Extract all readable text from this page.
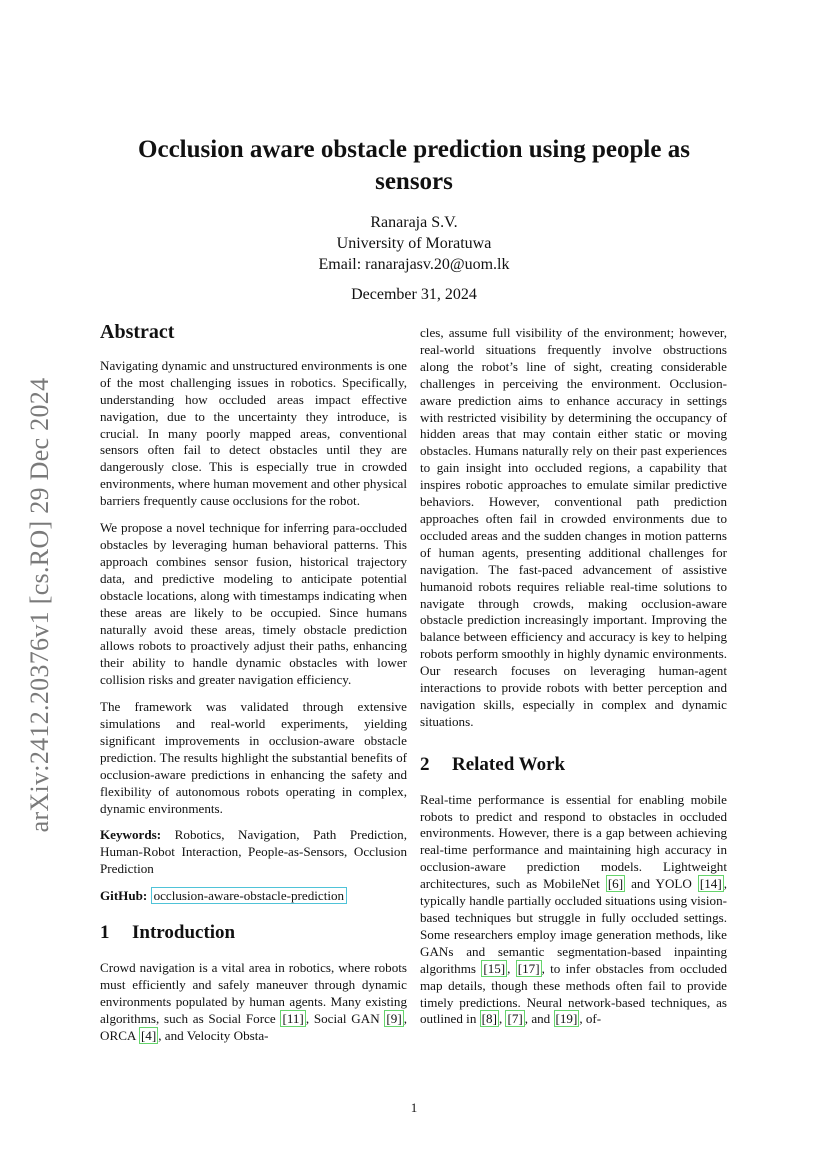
arXiv:2412.20376v1 [cs.RO] 29 Dec 2024
Occlusion aware obstacle prediction using people as sensors
Ranaraja S.V.
University of Moratuwa
Email: ranarajasv.20@uom.lk
December 31, 2024
Abstract

Navigating dynamic and unstructured environments is one of the most challenging issues in robotics. Specifically, understanding how occluded areas impact effective navigation, due to the uncertainty they introduce, is crucial. In many poorly mapped areas, conventional sensors often fail to detect obstacles until they are dangerously close. This is especially true in crowded environments, where human movement and other physical barriers frequently cause occlusions for the robot.

We propose a novel technique for inferring para-occluded obstacles by leveraging human behavioral patterns. This approach combines sensor fusion, historical trajectory data, and predictive modeling to anticipate potential obstacle locations, along with timestamps indicating when these areas are likely to be occupied. Since humans naturally avoid these areas, timely obstacle prediction allows robots to proactively adjust their paths, enhancing their ability to handle dynamic obstacles with lower collision risks and greater navigation efficiency.

The framework was validated through extensive simulations and real-world experiments, yielding significant improvements in occlusion-aware obstacle prediction. The results highlight the substantial benefits of occlusion-aware predictions in enhancing the safety and flexibility of autonomous robots operating in complex, dynamic environments.

Keywords: Robotics, Navigation, Path Prediction, Human-Robot Interaction, People-as-Sensors, Occlusion Prediction

GitHub: occlusion-aware-obstacle-prediction

1 Introduction

Crowd navigation is a vital area in robotics, where robots must efficiently and safely maneuver through dynamic environments populated by human agents. Many existing algorithms, such as Social Force [11] , Social GAN [9] , ORCA [4] , and Velocity Obsta-

cles, assume full visibility of the environment; however, real-world situations frequently involve obstructions along the robot’s line of sight, creating considerable challenges in perceiving the environment. Occlusion-aware prediction aims to enhance accuracy in settings with restricted visibility by determining the occupancy of hidden areas that may contain either static or moving obstacles. Humans naturally rely on their past experiences to gain insight into occluded regions, a capability that inspires robotic approaches to emulate similar predictive behaviors. However, conventional path prediction approaches often fail in crowded environments due to occluded areas and the sudden changes in motion patterns of human agents, presenting additional challenges for navigation. The fast-paced advancement of assistive humanoid robots requires reliable real-time solutions to navigate through crowds, making occlusion-aware obstacle prediction increasingly important. Improving the balance between efficiency and accuracy is key to helping robots perform smoothly in highly dynamic environments. Our research focuses on leveraging human-agent interactions to provide robots with better perception and navigation skills, especially in complex and dynamic situations.

2 Related Work

Real-time performance is essential for enabling mobile robots to predict and respond to obstacles in occluded environments. However, there is a gap between achieving real-time performance and maintaining high accuracy in occlusion-aware prediction models. Lightweight architectures, such as MobileNet [6] and YOLO [14] , typically handle partially occluded situations using vision-based techniques but struggle in fully occluded settings. Some researchers employ image generation methods, like GANs and semantic segmentation-based inpainting algorithms [15] , [17] , to infer obstacles from occluded map details, though these methods often fail to provide timely predictions. Neural network-based techniques, as outlined in [8] , [7] , and [19] , of-

1
